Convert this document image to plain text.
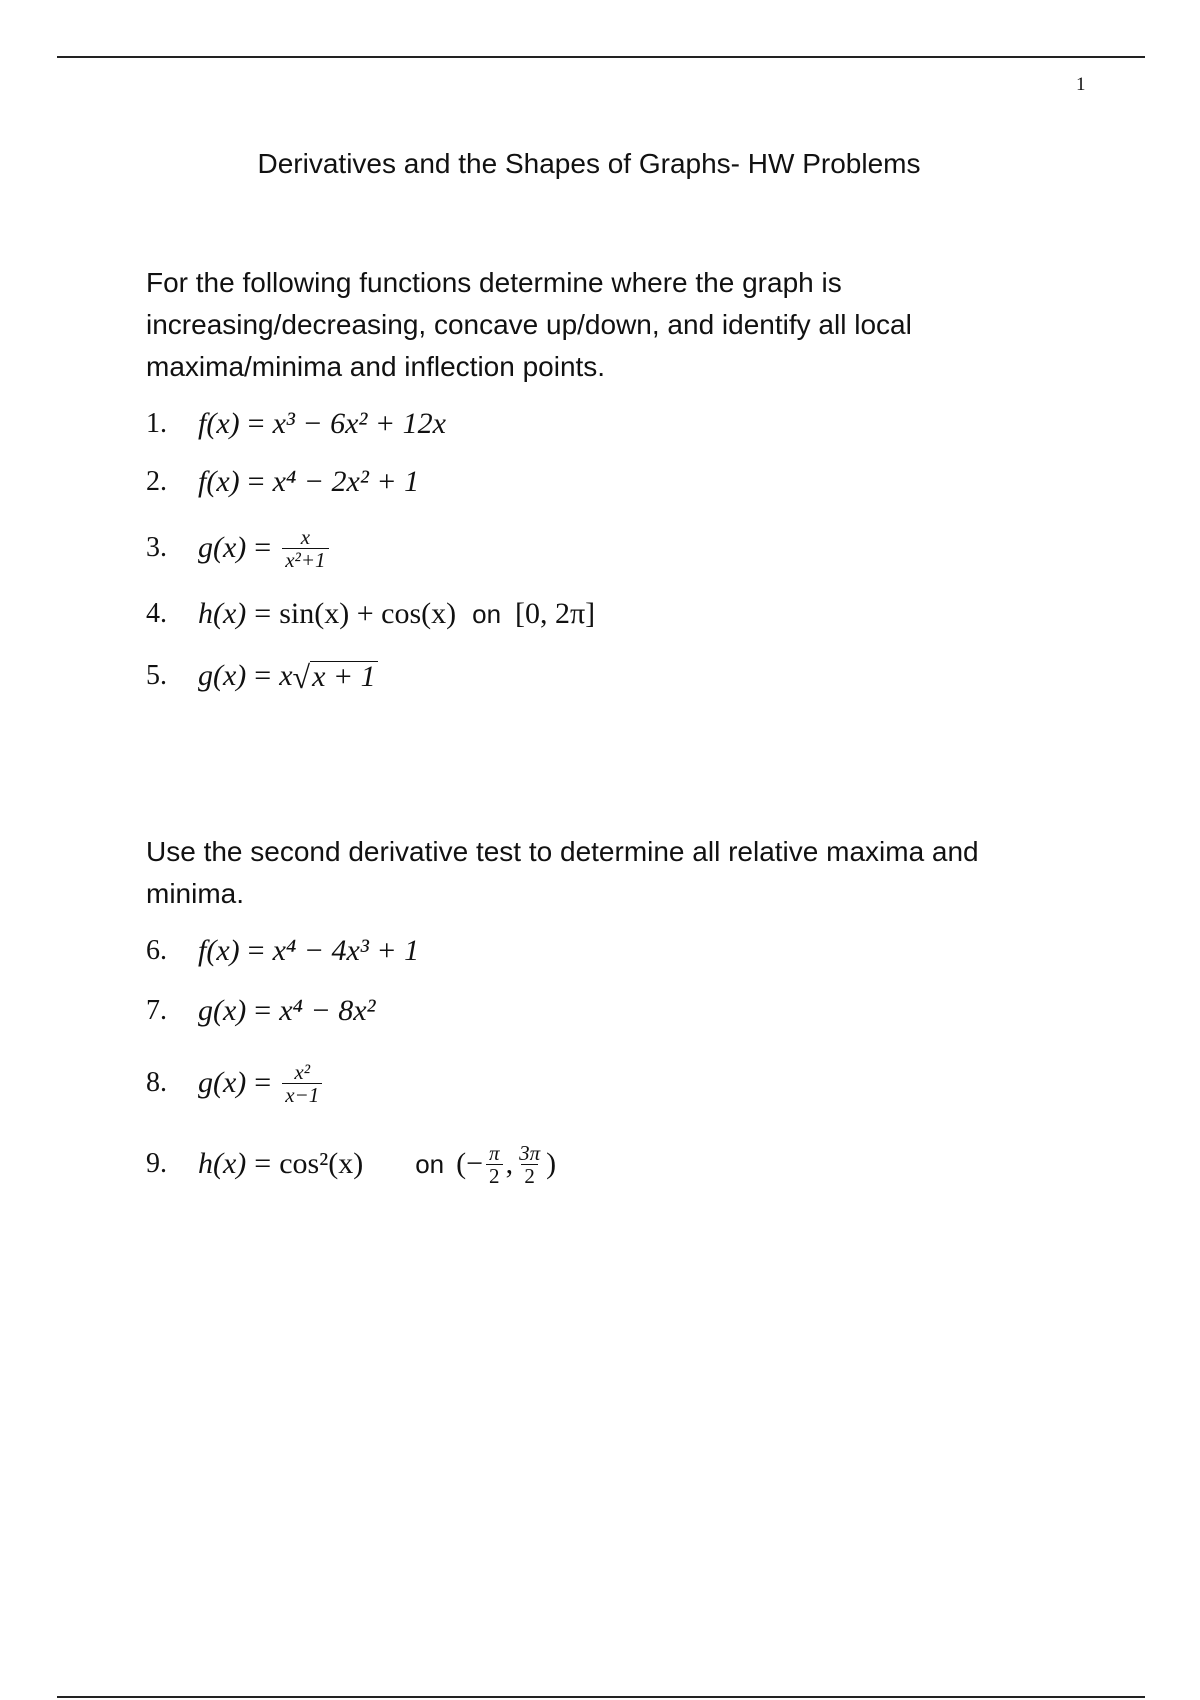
1
Derivatives and the Shapes of Graphs- HW Problems
For the following functions determine where the graph is increasing/decreasing, concave up/down, and identify all local maxima/minima and inflection points.
1.	f(x) = x³ − 6x² + 12x
2.	f(x) = x⁴ − 2x² + 1
3.	$g(x) = \frac{x}{\text{x²+1}}$
4.	h(x) = sin(x) + cos(x) on [0, 2π]
5.	g(x) = x √ x + 1
Use the second derivative test to determine all relative maxima and minima.
6.	f(x) = x⁴ − 4x³ + 1
7.	g(x) = x⁴ − 8x²
8.	$g(x) = \frac{\text{x²}}{x-1}$
9.	h(x) = cos²(x) on (− $\frac{\pi}{2}$ , $\frac{3\pi}{2}$ )
